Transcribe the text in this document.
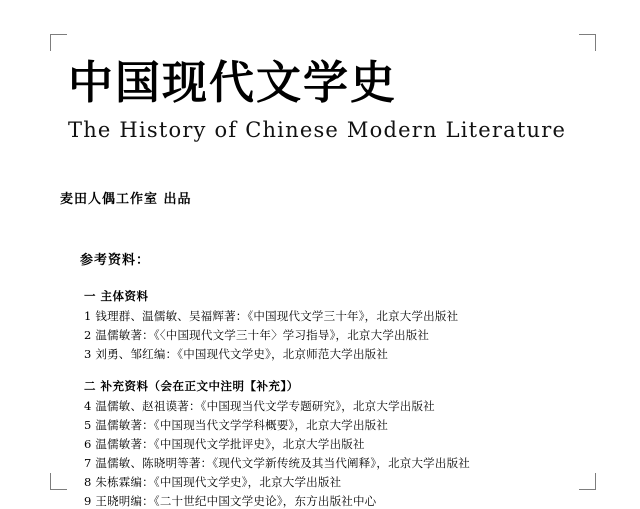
中国现代文学史
The History of Chinese Modern Literature
麦田人偶工作室 出品
参考资料：
一 主体资料
1 钱理群、温儒敏、吴福辉著：《中国现代文学三十年》，北京大学出版社
2 温儒敏著：《〈中国现代文学三十年〉学习指导》，北京大学出版社
3 刘勇、邹红编：《中国现代文学史》，北京师范大学出版社
二 补充资料（会在正文中注明【补充】）
4 温儒敏、赵祖谟著：《中国现当代文学专题研究》，北京大学出版社
5 温儒敏著：《中国现当代文学学科概要》，北京大学出版社
6 温儒敏著：《中国现代文学批评史》，北京大学出版社
7 温儒敏、陈晓明等著：《现代文学新传统及其当代阐释》，北京大学出版社
8 朱栋霖编：《中国现代文学史》，北京大学出版社
9 王晓明编：《二十世纪中国文学史论》，东方出版社中心
